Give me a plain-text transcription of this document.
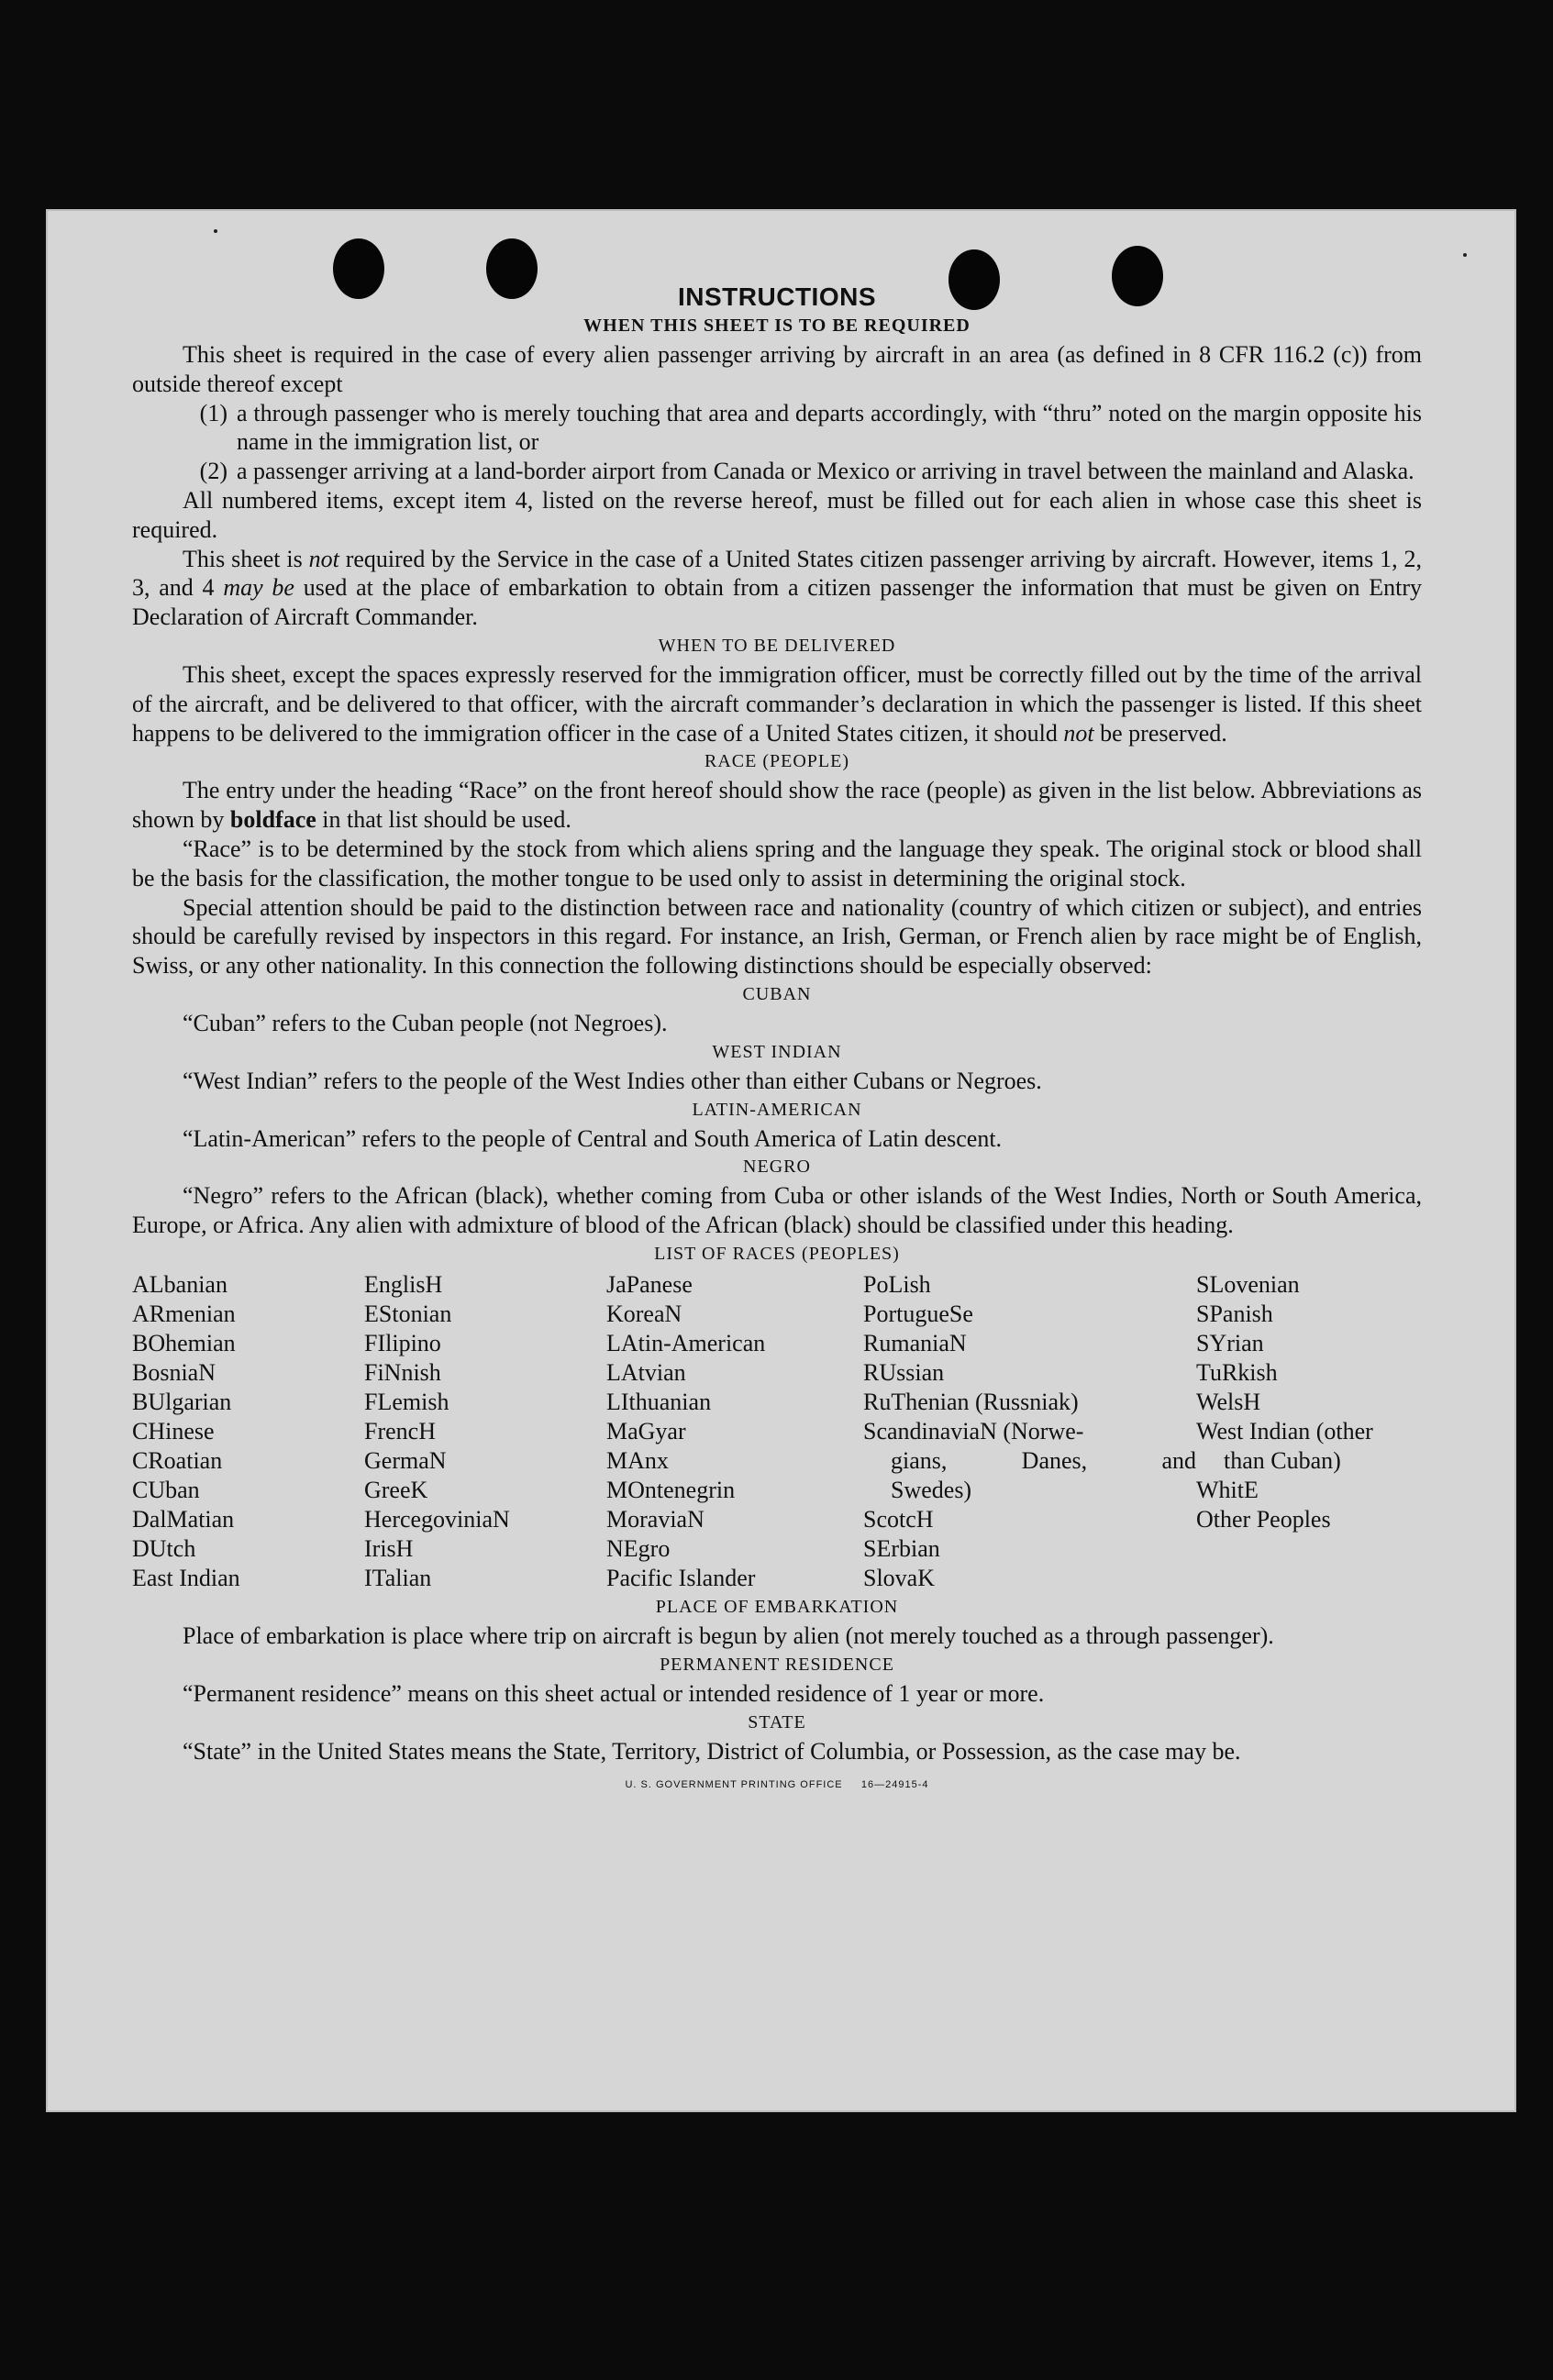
INSTRUCTIONS
WHEN THIS SHEET IS TO BE REQUIRED

This sheet is required in the case of every alien passenger arriving by aircraft in an area (as defined in 8 CFR 116.2 (c)) from outside thereof except

(1) a through passenger who is merely touching that area and departs accordingly, with “thru” noted on the margin opposite his name in the immigration list, or
(2) a passenger arriving at a land-border airport from Canada or Mexico or arriving in travel between the mainland and Alaska.

All numbered items, except item 4, listed on the reverse hereof, must be filled out for each alien in whose case this sheet is required.

This sheet is not required by the Service in the case of a United States citizen passenger arriving by aircraft. However, items 1, 2, 3, and 4 may be used at the place of embarkation to obtain from a citizen passenger the information that must be given on Entry Declaration of Aircraft Commander.

WHEN TO BE DELIVERED

This sheet, except the spaces expressly reserved for the immigration officer, must be correctly filled out by the time of the arrival of the aircraft, and be delivered to that officer, with the aircraft commander’s declaration in which the passenger is listed. If this sheet happens to be delivered to the immigration officer in the case of a United States citizen, it should not be preserved.

RACE (PEOPLE)

The entry under the heading “Race” on the front hereof should show the race (people) as given in the list below. Abbreviations as shown by boldface in that list should be used.

“Race” is to be determined by the stock from which aliens spring and the language they speak. The original stock or blood shall be the basis for the classification, the mother tongue to be used only to assist in determining the original stock.

Special attention should be paid to the distinction between race and nationality (country of which citizen or subject), and entries should be carefully revised by inspectors in this regard. For instance, an Irish, German, or French alien by race might be of English, Swiss, or any other nationality. In this connection the following distinctions should be especially observed:

CUBAN

“Cuban” refers to the Cuban people (not Negroes).

WEST INDIAN

“West Indian” refers to the people of the West Indies other than either Cubans or Negroes.

LATIN-AMERICAN

“Latin-American” refers to the people of Central and South America of Latin descent.

NEGRO

“Negro” refers to the African (black), whether coming from Cuba or other islands of the West Indies, North or South America, Europe, or Africa. Any alien with admixture of blood of the African (black) should be classified under this heading.

LIST OF RACES (PEOPLES)
ALbanian
ARmenian
BOhemian
BosniaN
BUlgarian
CHinese
CRoatian
CUban
DalMatian
DUtch
East Indian
EnglisH
EStonian
FIlipino
FiNnish
FLemish
FrencH
GermaN
GreeK
HercegoviniaN
IrisH
ITalian
JaPanese
KoreaN
LAtin-American
LAtvian
LIthuanian
MaGyar
MAnx
MOntenegrin
MoraviaN
NEgro
Pacific Islander
PoLish
PortugueSe
RumaniaN
RUssian
RuThenian (Russniak)
ScandinaviaN (Norwe-
gians, Danes, and
Swedes)
ScotcH
SErbian
SlovaK
SLovenian
SPanish
SYrian
TuRkish
WelsH
West Indian (other
than Cuban)
WhitE
Other Peoples
PLACE OF EMBARKATION

Place of embarkation is place where trip on aircraft is begun by alien (not merely touched as a through passenger).

PERMANENT RESIDENCE

“Permanent residence” means on this sheet actual or intended residence of 1 year or more.

STATE

“State” in the United States means the State, Territory, District of Columbia, or Possession, as the case may be.

U. S. GOVERNMENT PRINTING OFFICE     16—24915-4
